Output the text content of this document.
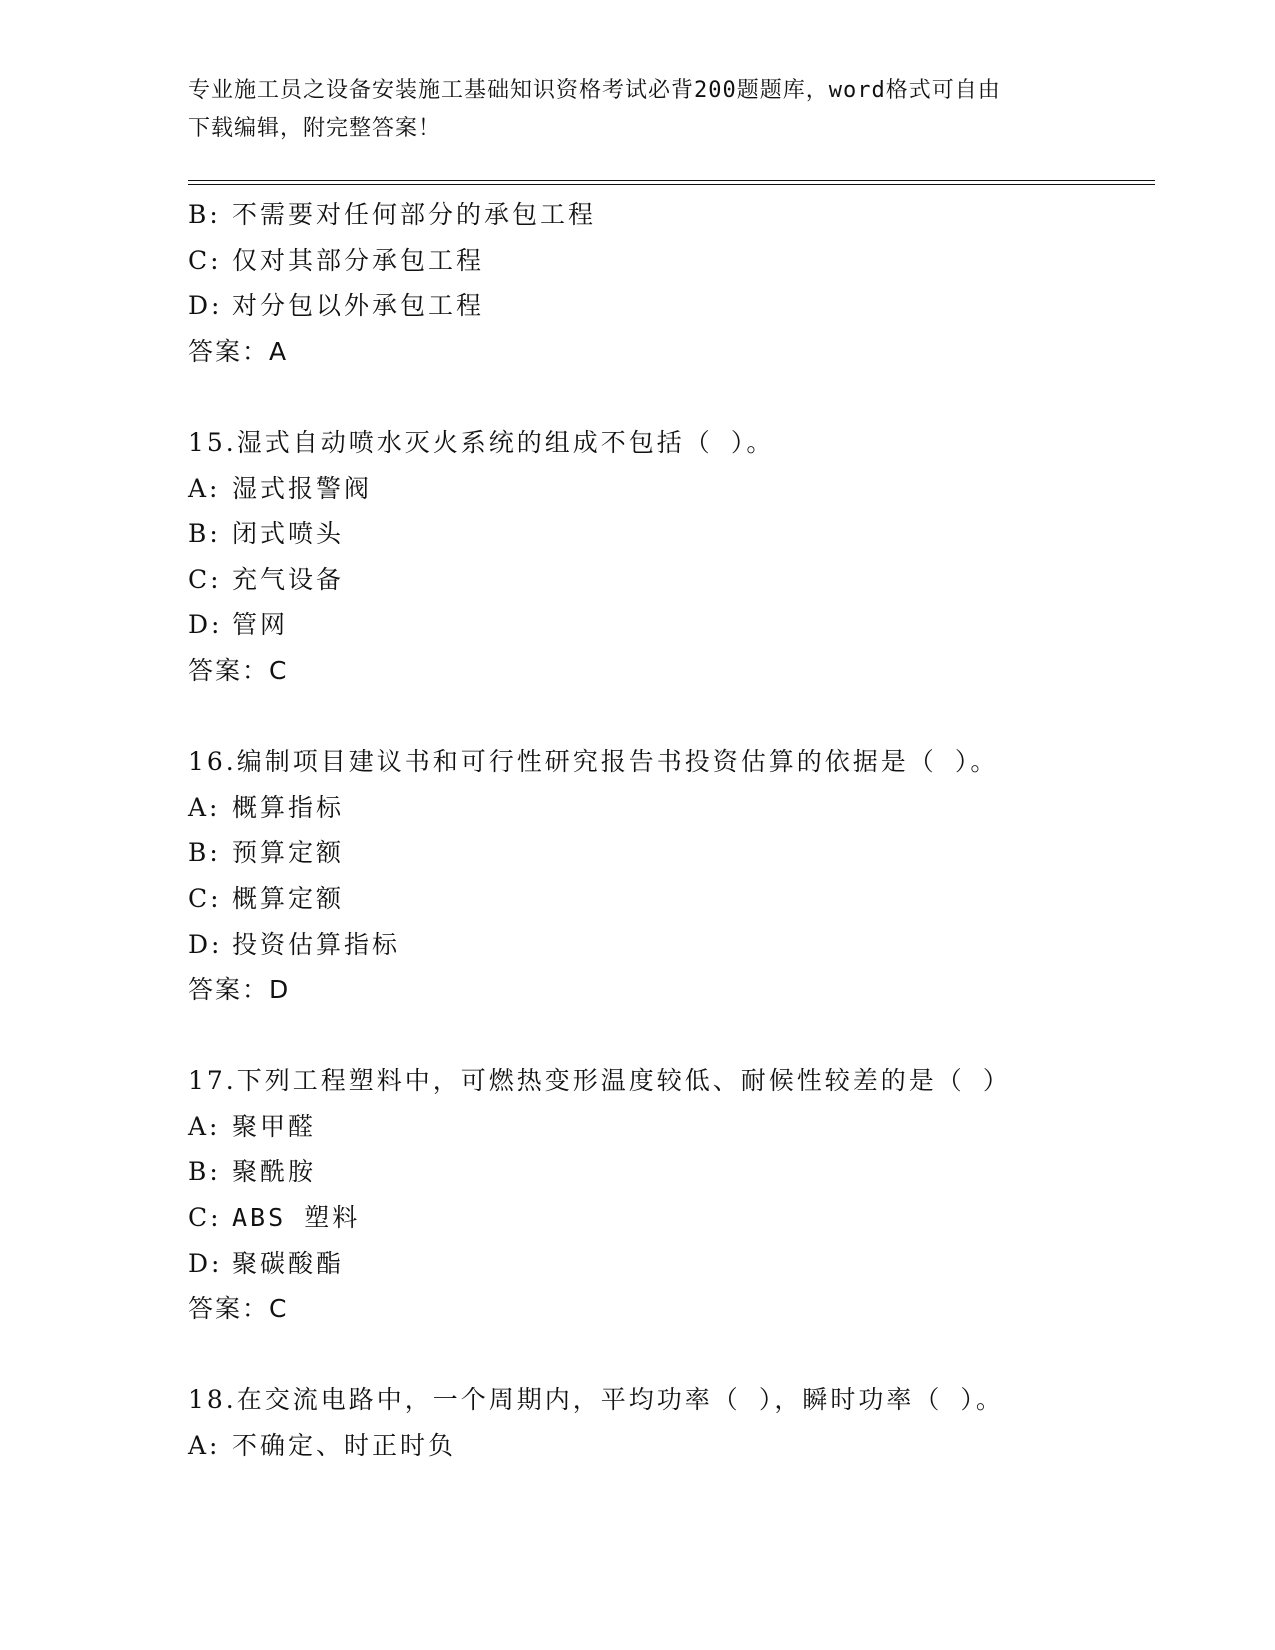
专业施工员之设备安装施工基础知识资格考试必背200题题库，word格式可自由
下载编辑，附完整答案！
B: 不需要对任何部分的承包工程
C: 仅对其部分承包工程
D: 对分包以外承包工程
答案：A
15.湿式自动喷水灭火系统的组成不包括（ ）。
A: 湿式报警阀
B: 闭式喷头
C: 充气设备
D: 管网
答案：C
16.编制项目建议书和可行性研究报告书投资估算的依据是（ ）。
A: 概算指标
B: 预算定额
C: 概算定额
D: 投资估算指标
答案：D
17.下列工程塑料中，可燃热变形温度较低、耐候性较差的是（ ）
A: 聚甲醛
B: 聚酰胺
C: ABS 塑料
D: 聚碳酸酯
答案：C
18.在交流电路中，一个周期内，平均功率（ ），瞬时功率（ ）。
A: 不确定、时正时负
